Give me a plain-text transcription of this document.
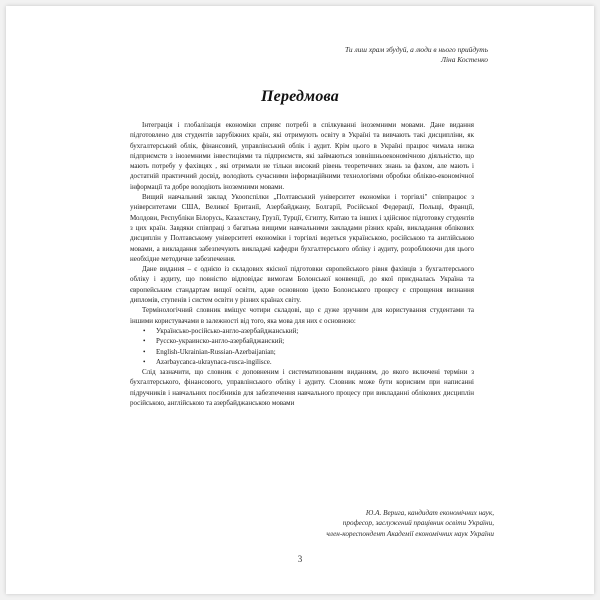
Ти лиш храм збудуй, а люди в нього прийдуть
Ліна Костенко
Передмова

Інтеграція і глобалізація економіки сприяє потребі в спілкуванні іноземними мовами. Дане видання підготовлено для студентів зарубіжних країн, які отримують освіту в Україні та вивчають такі дисципліни, як бухгалтерський облік, фінансовий, управлінський облік і аудит. Крім цього в Україні працює чимала низка підприємств з іноземними інвестиціями та підприємств, які займаються зовнішньоекономічною діяльністю, що мають потребу у фахівцях , які отримали не тільки високий рівень теоретичних знань за фахом, але мають і достатній практичний досвід, володіють сучасними інформаційними технологіями обробки облікво-економічної інформації та добре володіють іноземними мовами.

Вищий навчальний заклад Укоопспілки „Полтавський університет економіки і торгівлі" співпрацює з університетами США, Великої Британії, Азербайджану, Болгарії, Російської Федерації, Польщі, Франції, Молдови, Республіки Білорусь, Казахстану, Грузії, Турції, Єгипту, Китаю та інших і здійснює підготовку студентів з цих країн. Завдяки співпраці з багатьма вищими навчальними закладами різних країн, викладання облікових дисциплін у Полтавському університеті економіки і торгівлі ведеться українською, російською та англійською мовами, а викладання забезпечують викладачі кафедри бухгалтерського обліку і аудиту, розроблюючи для цього необхідне методичне забезпечення.

Дане видання – є однією із складових якісної підготовки європейського рівня фахівців з бухгалтерського обліку і аудиту, що повністю відповідає вимогам Болонської конвенції, до якої приєдналась Україна та європейським стандартам вищої освіти, адже основною ідеєю Болонського процесу є спрощення визнання дипломів, ступенів і систем освіти у різних країнах світу.

Термінологічний словник вміщує чотири складові, що є дуже зручним для користування студентами та іншими користувачами в залежності від того, яка мова для них є основною:

• Українсько-російсько-англо-азербайджанський;
• Русско-украинско-англо-азербайджанский;
• English-Ukrainian-Russian-Azerbaijanian;
• Azərbaycanca-ukraynaca-rusca-ingilisce.

Слід зазначити, що словник є доповненим і систематизованим виданням, до якого включені терміни з бухгалтерського, фінансового, управлінського обліку і аудиту. Словник може бути корисним при написанні підручників і навчальних посібників для забезпечення навчального процесу при викладанні облікових дисциплін російською, англійською та азербайджанською мовами

Ю.А. Верига, кандидат економічних наук,
професор, заслужений працівник освіти України,
член-кореспондент Академії економічних наук України
3
